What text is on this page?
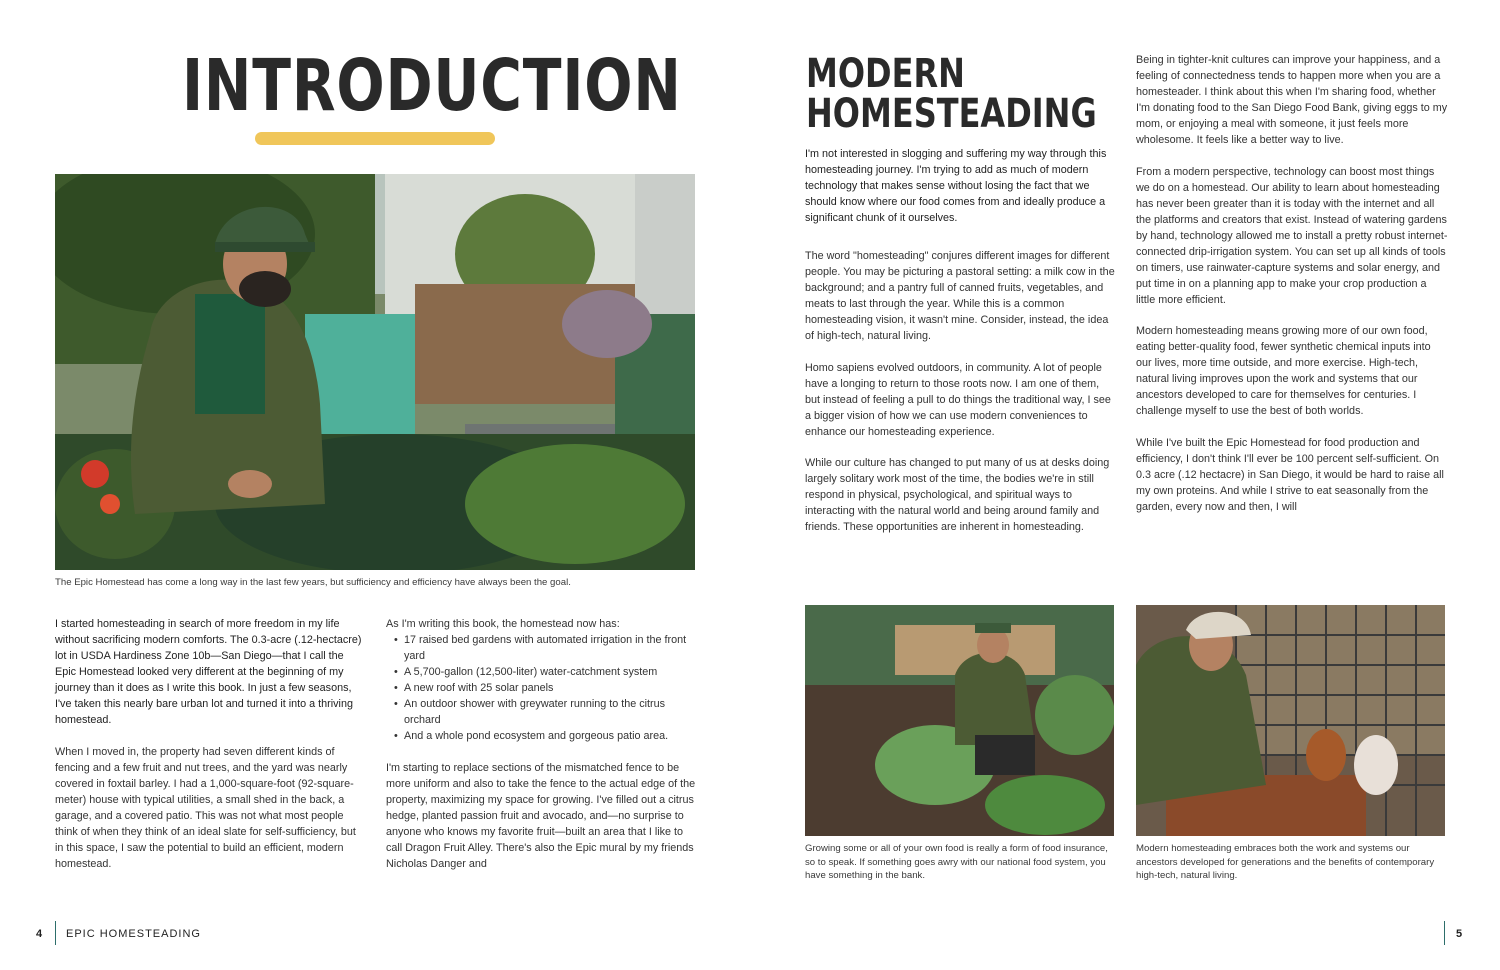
INTRODUCTION
The Epic Homestead has come a long way in the last few years, but sufficiency and efficiency have always been the goal.

I started homesteading in search of more freedom in my life without sacrificing modern comforts. The 0.3-acre (.12-hectacre) lot in USDA Hardiness Zone 10b—San Diego—that I call the Epic Homestead looked very different at the beginning of my journey than it does as I write this book. In just a few seasons, I've taken this nearly bare urban lot and turned it into a thriving homestead.

When I moved in, the property had seven different kinds of fencing and a few fruit and nut trees, and the yard was nearly covered in foxtail barley. I had a 1,000-square-foot (92-square-meter) house with typical utilities, a small shed in the back, a garage, and a covered patio. This was not what most people think of when they think of an ideal slate for self-sufficiency, but in this space, I saw the potential to build an efficient, modern homestead.

As I'm writing this book, the homestead now has:
• 17 raised bed gardens with automated irrigation in the front yard
• A 5,700-gallon (12,500-liter) water-catchment system
• A new roof with 25 solar panels
• An outdoor shower with greywater running to the citrus orchard
• And a whole pond ecosystem and gorgeous patio area.

I'm starting to replace sections of the mismatched fence to be more uniform and also to take the fence to the actual edge of the property, maximizing my space for growing. I've filled out a citrus hedge, planted passion fruit and avocado, and—no surprise to anyone who knows my favorite fruit—built an area that I like to call Dragon Fruit Alley. There's also the Epic mural by my friends Nicholas Danger and

4 EPIC HOMESTEADING
MODERN
HOMESTEADING

I'm not interested in slogging and suffering my way through this homesteading journey. I'm trying to add as much of modern technology that makes sense without losing the fact that we should know where our food comes from and ideally produce a significant chunk of it ourselves.

The word "homesteading" conjures different images for different people. You may be picturing a pastoral setting: a milk cow in the background; and a pantry full of canned fruits, vegetables, and meats to last through the year. While this is a common homesteading vision, it wasn't mine. Consider, instead, the idea of high-tech, natural living.

Homo sapiens evolved outdoors, in community. A lot of people have a longing to return to those roots now. I am one of them, but instead of feeling a pull to do things the traditional way, I see a bigger vision of how we can use modern conveniences to enhance our homesteading experience.

While our culture has changed to put many of us at desks doing largely solitary work most of the time, the bodies we're in still respond in physical, psychological, and spiritual ways to interacting with the natural world and being around family and friends. These opportunities are inherent in homesteading.

Being in tighter-knit cultures can improve your happiness, and a feeling of connectedness tends to happen more when you are a homesteader. I think about this when I'm sharing food, whether I'm donating food to the San Diego Food Bank, giving eggs to my mom, or enjoying a meal with someone, it just feels more wholesome. It feels like a better way to live.

From a modern perspective, technology can boost most things we do on a homestead. Our ability to learn about homesteading has never been greater than it is today with the internet and all the platforms and creators that exist. Instead of watering gardens by hand, technology allowed me to install a pretty robust internet-connected drip-irrigation system. You can set up all kinds of tools on timers, use rainwater-capture systems and solar energy, and put time in on a planning app to make your crop production a little more efficient.

Modern homesteading means growing more of our own food, eating better-quality food, fewer synthetic chemical inputs into our lives, more time outside, and more exercise. High-tech, natural living improves upon the work and systems that our ancestors developed to care for themselves for centuries. I challenge myself to use the best of both worlds.

While I've built the Epic Homestead for food production and efficiency, I don't think I'll ever be 100 percent self-sufficient. On 0.3 acre (.12 hectacre) in San Diego, it would be hard to raise all my own proteins. And while I strive to eat seasonally from the garden, every now and then, I will

Growing some or all of your own food is really a form of food insurance, so to speak. If something goes awry with our national food system, you have something in the bank.
Modern homesteading embraces both the work and systems our ancestors developed for generations and the benefits of contemporary high-tech, natural living.
5
